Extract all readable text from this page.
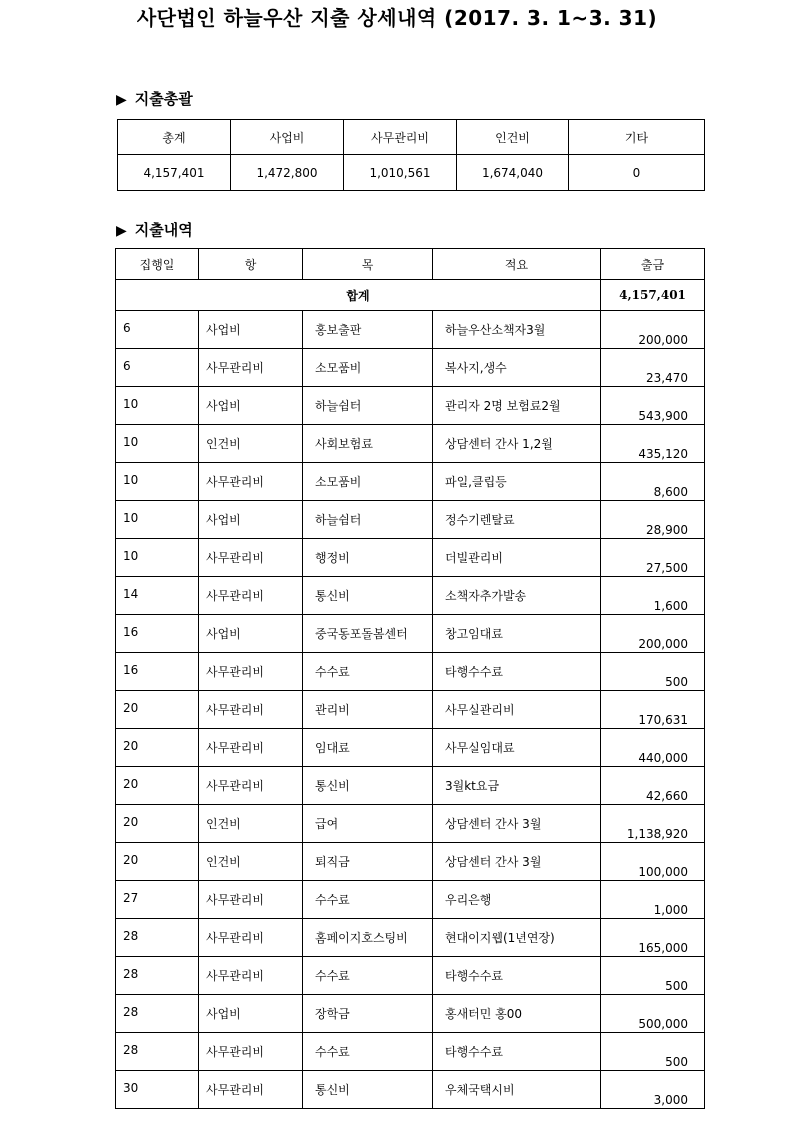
사단법인 하늘우산 지출 상세내역 (2017. 3. 1~3. 31)
▶ 지출총괄
총계	사업비	사무관리비	인건비	기타
4,157,401	1,472,800	1,010,561	1,674,040	0
▶ 지출내역
집행일	항	목	적요	출금
합계				4,157,401

6	사업비	홍보출판	하늘우산소책자3월	200,000

6	사무관리비	소모품비	복사지,생수	23,470

10	사업비	하늘쉼터	관리자 2명 보험료2월	543,900

10	인건비	사회보험료	상담센터 간사 1,2월	435,120

10	사무관리비	소모품비	파일,클립등	8,600

10	사업비	하늘쉼터	정수기렌탈료	28,900

10	사무관리비	행정비	더빌관리비	27,500

14	사무관리비	통신비	소책자추가발송	1,600

16	사업비	중국동포돌봄센터	창고임대료	200,000

16	사무관리비	수수료	타행수수료	500

20	사무관리비	관리비	사무실관리비	170,631

20	사무관리비	임대료	사무실임대료	440,000

20	사무관리비	통신비	3월kt요금	42,660

20	인건비	급여	상담센터 간사 3월	1,138,920

20	인건비	퇴직금	상담센터 간사 3월	100,000

27	사무관리비	수수료	우리은행	1,000

28	사무관리비	홈페이지호스팅비	현대이지웹(1년연장)	165,000

28	사무관리비	수수료	타행수수료	500

28	사업비	장학금	홍새터민 홍00	500,000

28	사무관리비	수수료	타행수수료	500

30	사무관리비	통신비	우체국택시비	3,000
